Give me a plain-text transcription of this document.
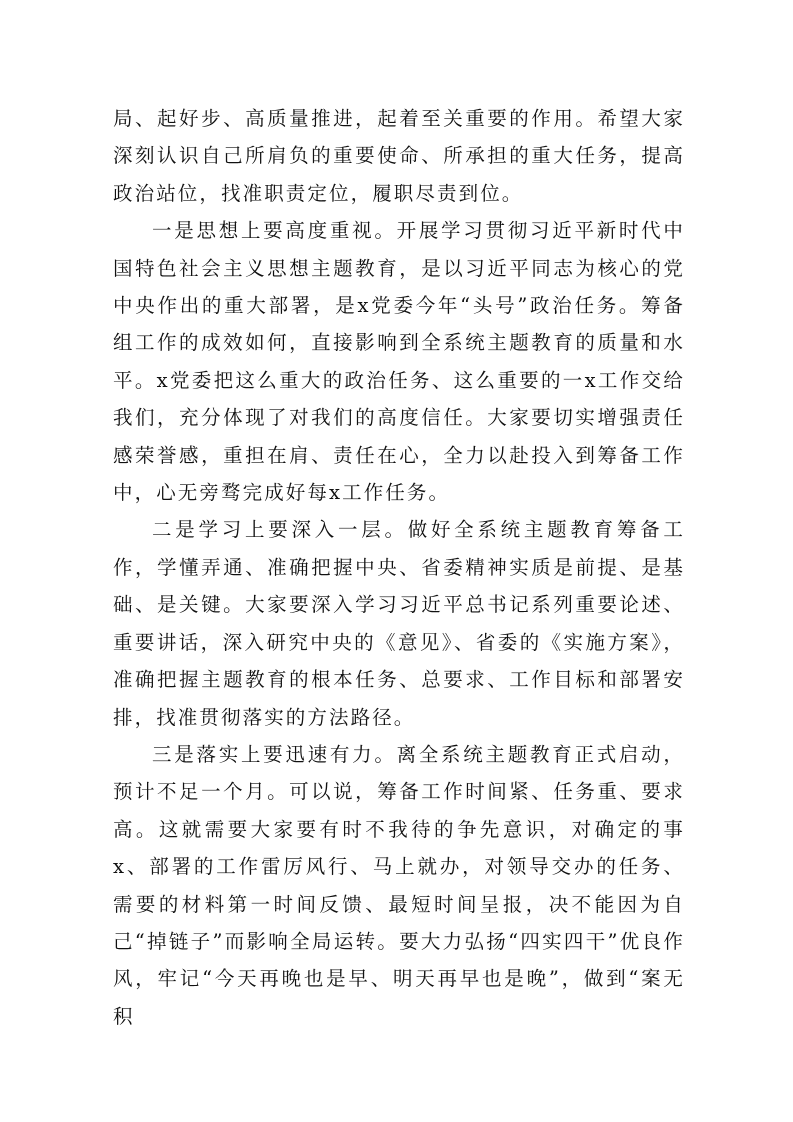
局、起好步、高质量推进，起着至关重要的作用。希望大家深刻认识自己所肩负的重要使命、所承担的重大任务，提高政治站位，找准职责定位，履职尽责到位。

一是思想上要高度重视。开展学习贯彻习近平新时代中国特色社会主义思想主题教育，是以习近平同志为核心的党中央作出的重大部署，是x党委今年“头号”政治任务。筹备组工作的成效如何，直接影响到全系统主题教育的质量和水平。x党委把这么重大的政治任务、这么重要的一x工作交给我们，充分体现了对我们的高度信任。大家要切实增强责任感荣誉感，重担在肩、责任在心，全力以赴投入到筹备工作中，心无旁骛完成好每x工作任务。

二是学习上要深入一层。做好全系统主题教育筹备工作，学懂弄通、准确把握中央、省委精神实质是前提、是基础、是关键。大家要深入学习习近平总书记系列重要论述、重要讲话，深入研究中央的《意见》、省委的《实施方案》，准确把握主题教育的根本任务、总要求、工作目标和部署安排，找准贯彻落实的方法路径。

三是落实上要迅速有力。离全系统主题教育正式启动，预计不足一个月。可以说，筹备工作时间紧、任务重、要求高。这就需要大家要有时不我待的争先意识，对确定的事x、部署的工作雷厉风行、马上就办，对领导交办的任务、需要的材料第一时间反馈、最短时间呈报，决不能因为自己“掉链子”而影响全局运转。要大力弘扬“四实四干”优良作风，牢记“今天再晚也是早、明天再早也是晚”，做到“案无积
